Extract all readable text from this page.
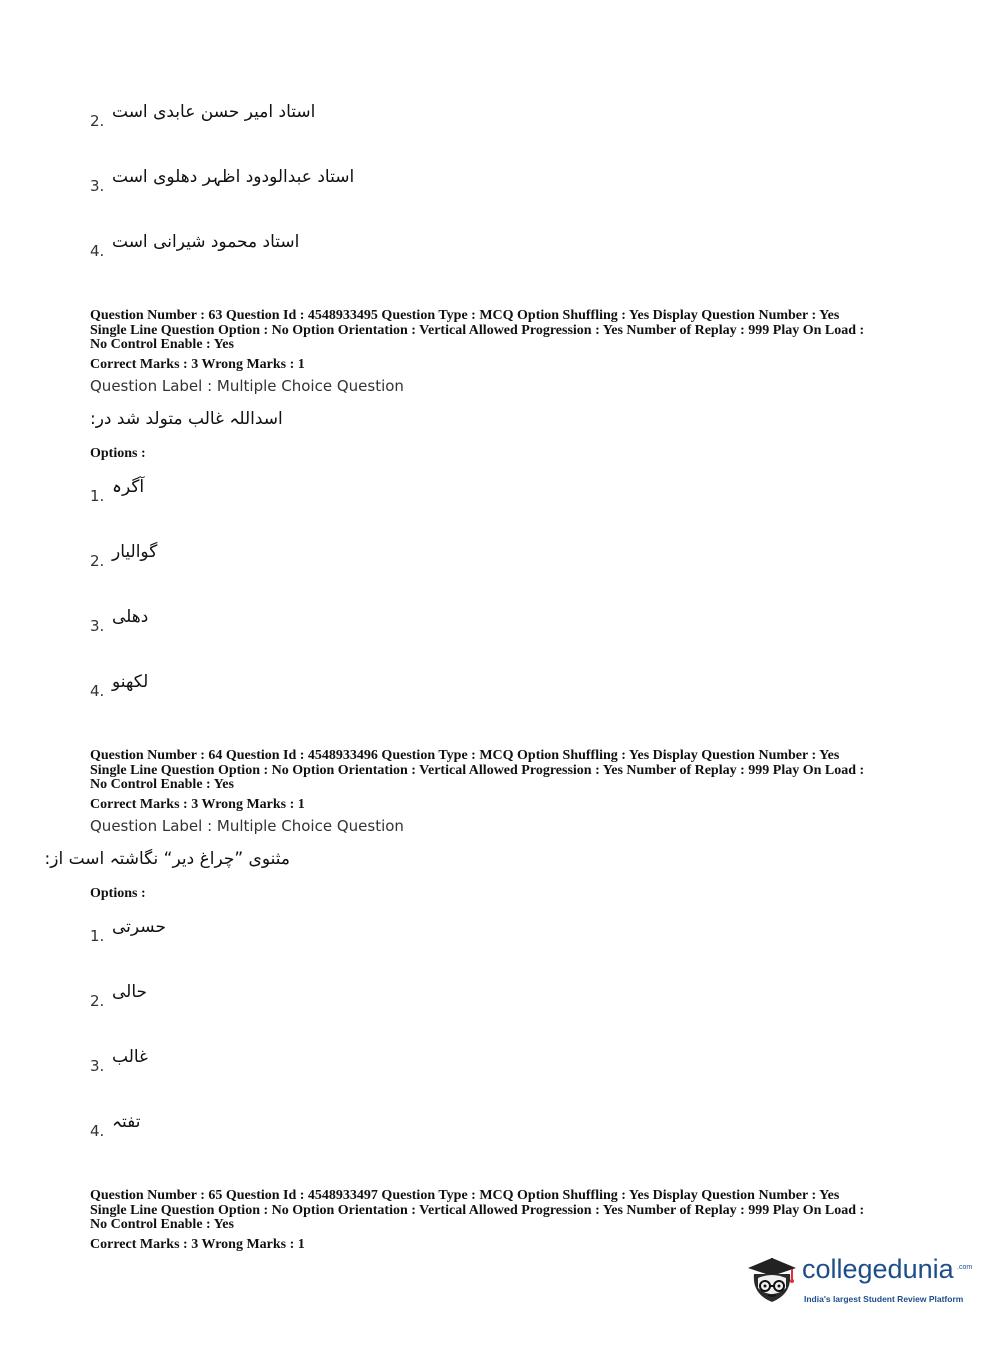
2. استاد امیر حسن عابدی است
3. استاد عبدالودود اظہر دهلوی است
4. استاد محمود شیرانی است
Question Number : 63 Question Id : 4548933495 Question Type : MCQ Option Shuffling : Yes Display Question Number : Yes
Single Line Question Option : No Option Orientation : Vertical Allowed Progression : Yes Number of Replay : 999 Play On Load :
No Control Enable : Yes
Correct Marks : 3 Wrong Marks : 1
Question Label : Multiple Choice Question
اسداللہ غالب متولد شد در:
Options :
1. آگرہ
2. گوالیار
3. دهلی
4. لکھنو
Question Number : 64 Question Id : 4548933496 Question Type : MCQ Option Shuffling : Yes Display Question Number : Yes
Single Line Question Option : No Option Orientation : Vertical Allowed Progression : Yes Number of Replay : 999 Play On Load :
No Control Enable : Yes
Correct Marks : 3 Wrong Marks : 1
Question Label : Multiple Choice Question
مثنوی ”چراغ دیر“ نگاشتہ است از:
Options :
1. حسرتی
2. حالی
3. غالب
4. تفتہ
Question Number : 65 Question Id : 4548933497 Question Type : MCQ Option Shuffling : Yes Display Question Number : Yes
Single Line Question Option : No Option Orientation : Vertical Allowed Progression : Yes Number of Replay : 999 Play On Load :
No Control Enable : Yes
Correct Marks : 3 Wrong Marks : 1
collegedunia .com
India's largest Student Review Platform
